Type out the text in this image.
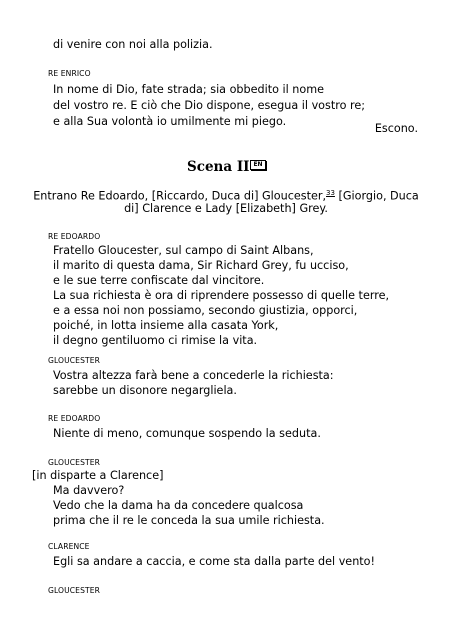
di venire con noi alla polizia.
RE ENRICO
In nome di Dio, fate strada; sia obbedito il nome
del vostro re. E ciò che Dio dispone, esegua il vostro re;
e alla Sua volontà io umilmente mi piego.
Escono.
Scena II EN
Entrano Re Edoardo, [Riccardo, Duca di] Gloucester,$^{33}$ [Giorgio, Duca
di] Clarence e Lady [Elizabeth] Grey.
RE EDOARDO
Fratello Gloucester, sul campo di Saint Albans,
il marito di questa dama, Sir Richard Grey, fu ucciso,
e le sue terre confiscate dal vincitore.
La sua richiesta è ora di riprendere possesso di quelle terre,
e a essa noi non possiamo, secondo giustizia, opporci,
poiché, in lotta insieme alla casata York,
il degno gentiluomo ci rimise la vita.
GLOUCESTER
Vostra altezza farà bene a concederle la richiesta:
sarebbe un disonore negargliela.
RE EDOARDO
Niente di meno, comunque sospendo la seduta.
GLOUCESTER
[in disparte a Clarence]
Ma davvero?
Vedo che la dama ha da concedere qualcosa
prima che il re le conceda la sua umile richiesta.
CLARENCE
Egli sa andare a caccia, e come sta dalla parte del vento!
GLOUCESTER
